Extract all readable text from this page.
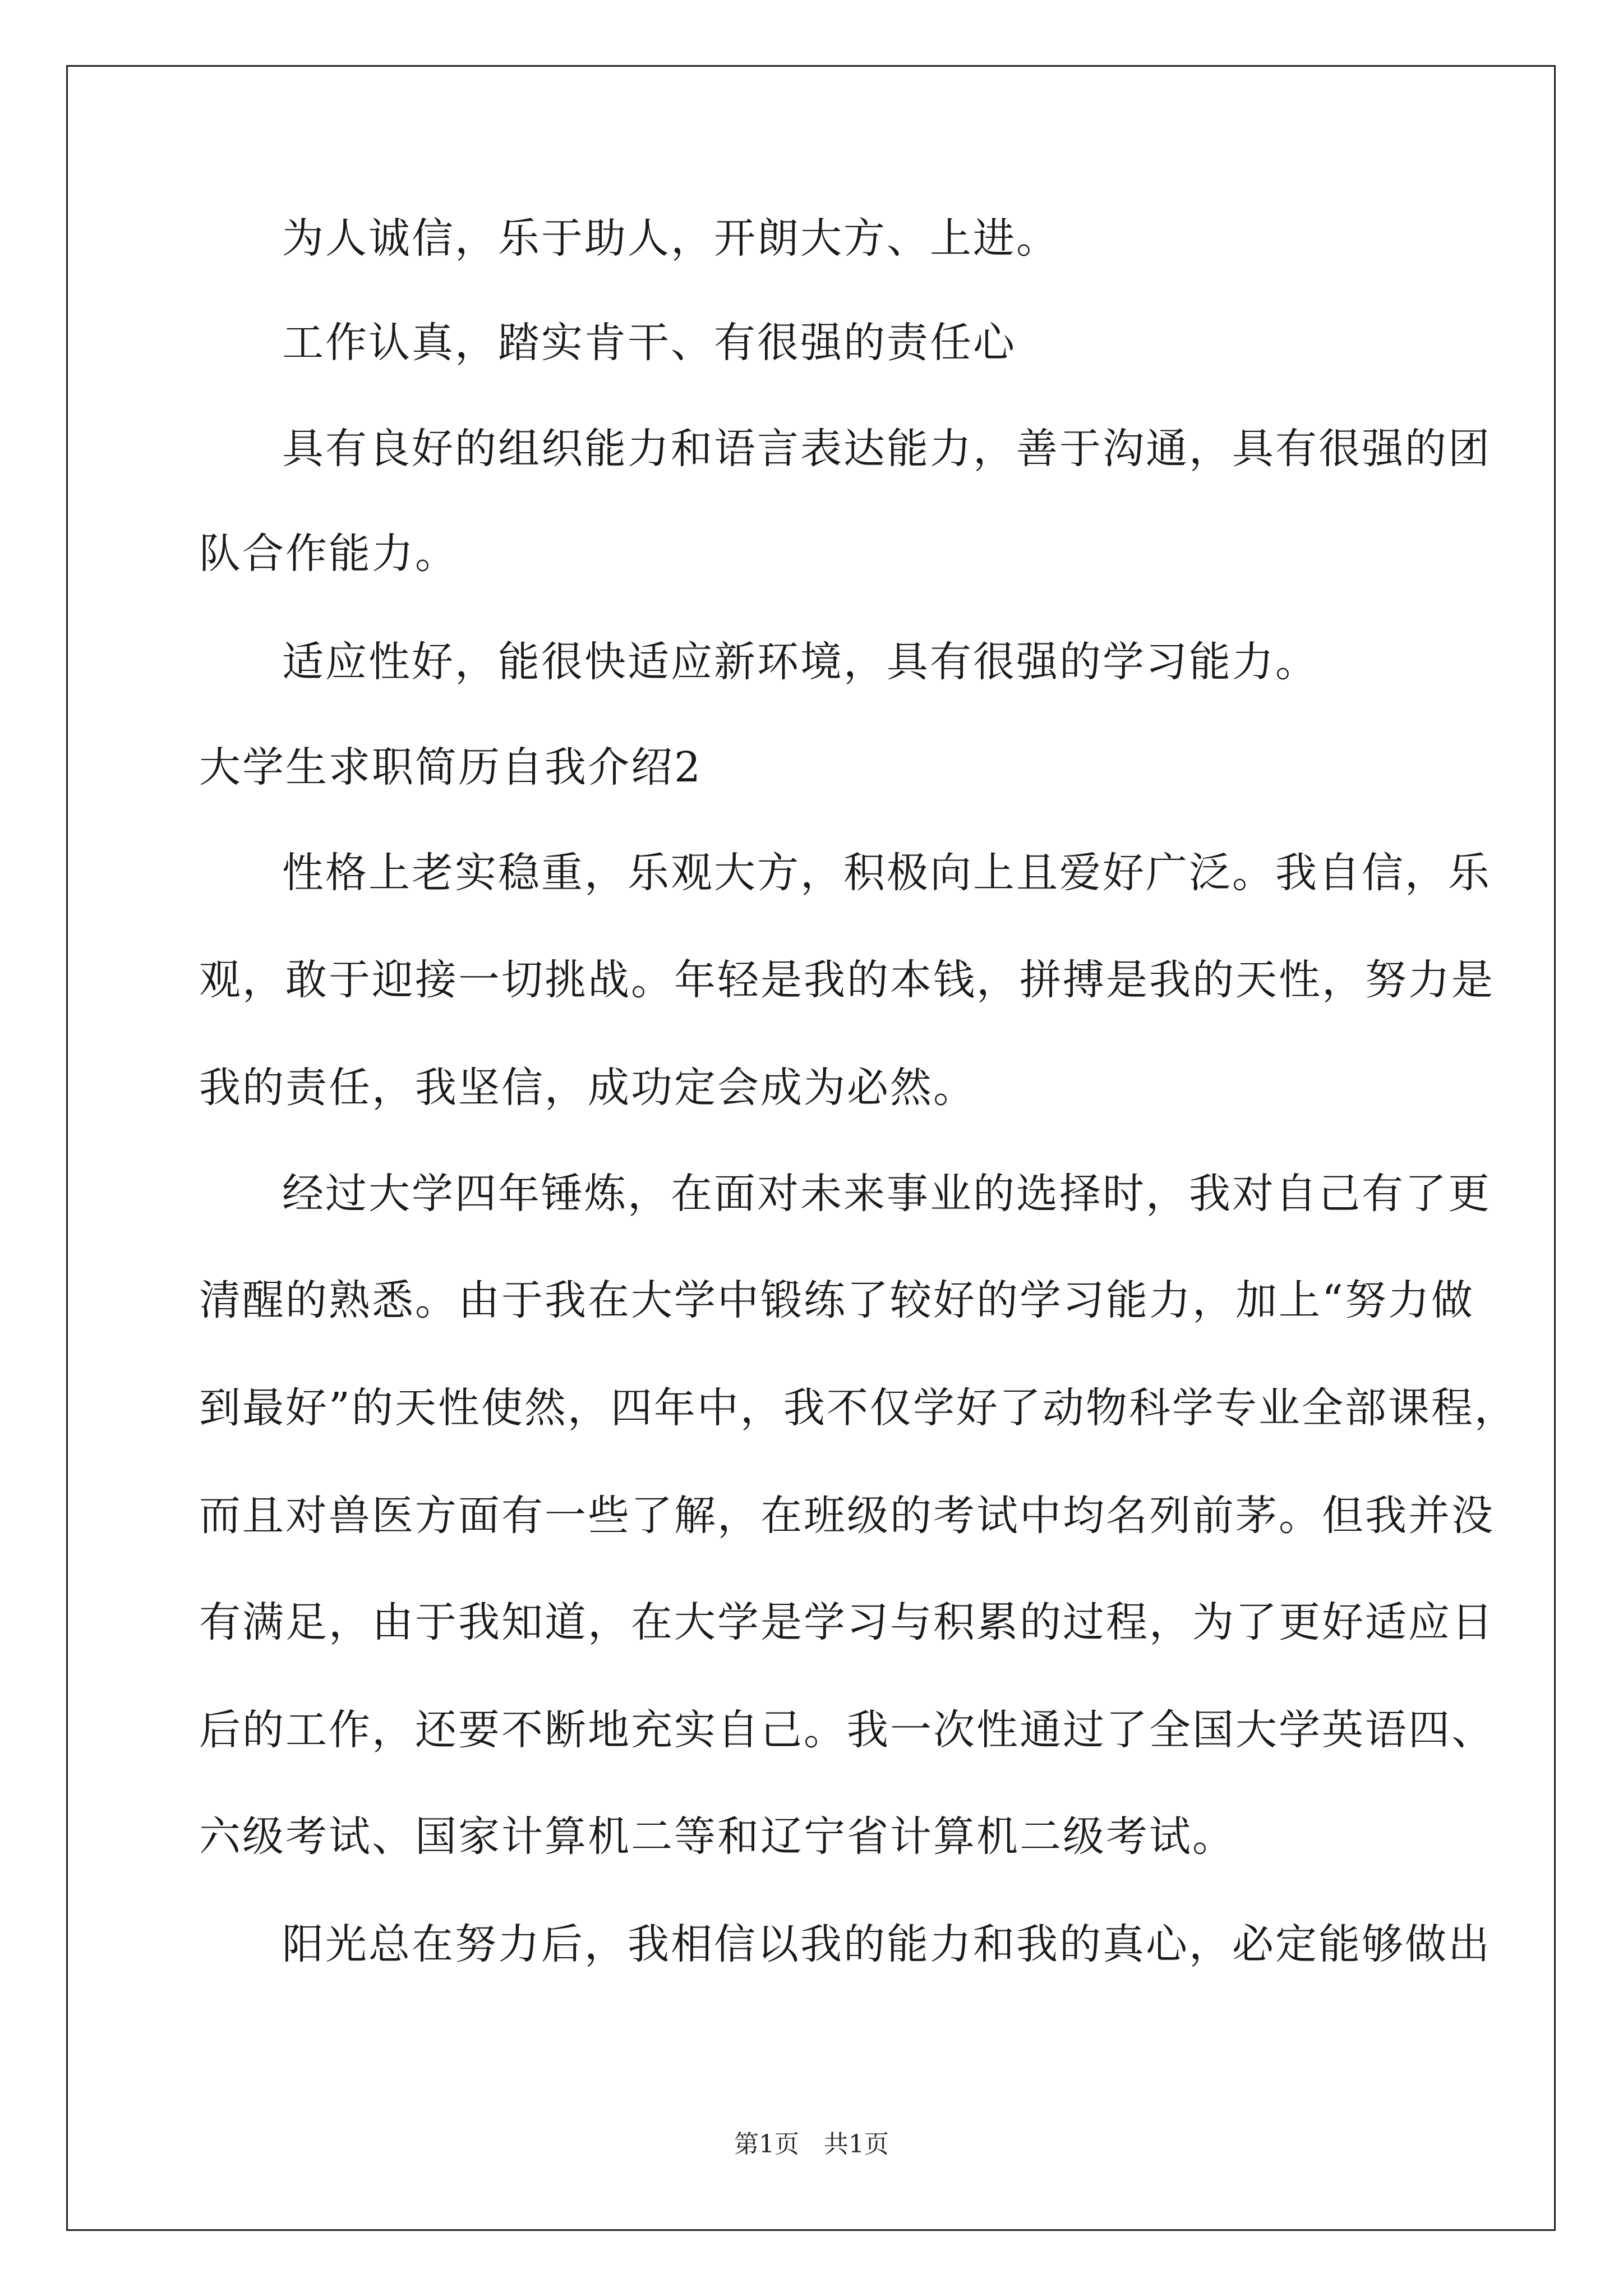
为人诚信，乐于助人，开朗大方、上进。
工作认真，踏实肯干、有很强的责任心
具有良好的组织能力和语言表达能力，善于沟通，具有很强的团
队合作能力。
适应性好，能很快适应新环境，具有很强的学习能力。
大学生求职简历自我介绍2
性格上老实稳重，乐观大方，积极向上且爱好广泛。我自信，乐
观，敢于迎接一切挑战。年轻是我的本钱，拼搏是我的天性，努力是
我的责任，我坚信，成功定会成为必然。
经过大学四年锤炼，在面对未来事业的选择时，我对自己有了更
清醒的熟悉。由于我在大学中锻练了较好的学习能力，加上“努力做
到最好”的天性使然，四年中，我不仅学好了动物科学专业全部课程，
而且对兽医方面有一些了解，在班级的考试中均名列前茅。但我并没
有满足，由于我知道，在大学是学习与积累的过程，为了更好适应日
后的工作，还要不断地充实自己。我一次性通过了全国大学英语四、
六级考试、国家计算机二等和辽宁省计算机二级考试。
阳光总在努力后，我相信以我的能力和我的真心，必定能够做出
第1页　共1页
